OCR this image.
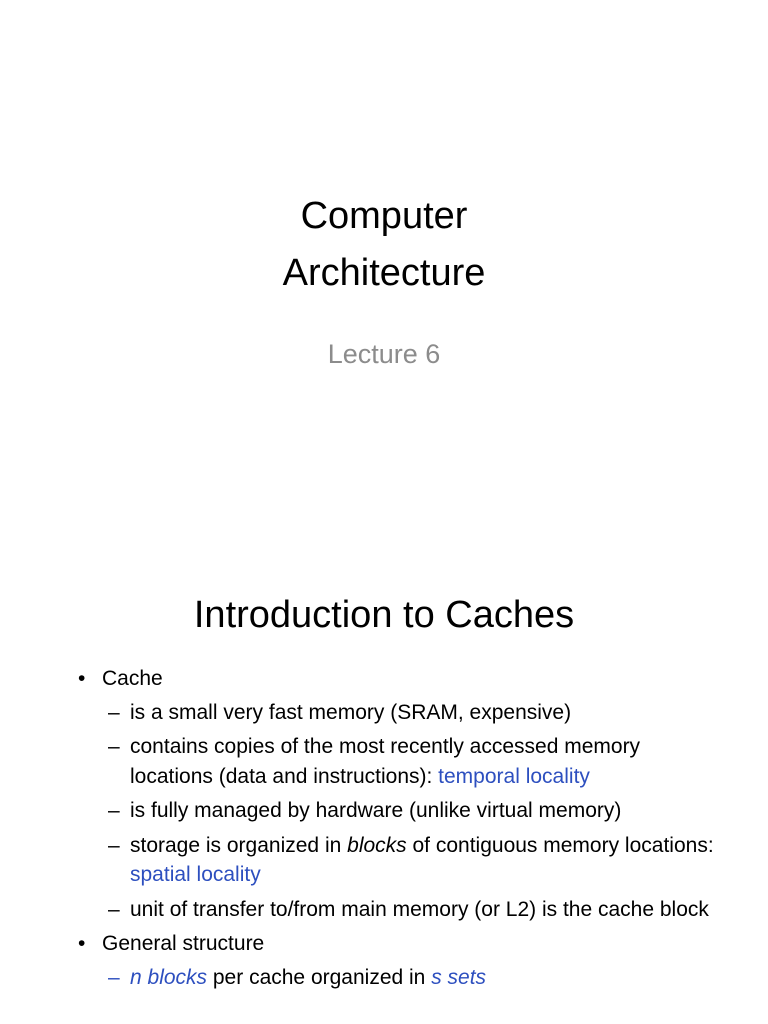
Computer
Architecture
Lecture 6
Introduction to Caches
• Cache
– is a small very fast memory (SRAM, expensive)
– contains copies of the most recently accessed memory locations (data and instructions): temporal locality
– is fully managed by hardware (unlike virtual memory)
– storage is organized in blocks of contiguous memory locations: spatial locality
– unit of transfer to/from main memory (or L2) is the cache block
• General structure
– n blocks per cache organized in s sets
